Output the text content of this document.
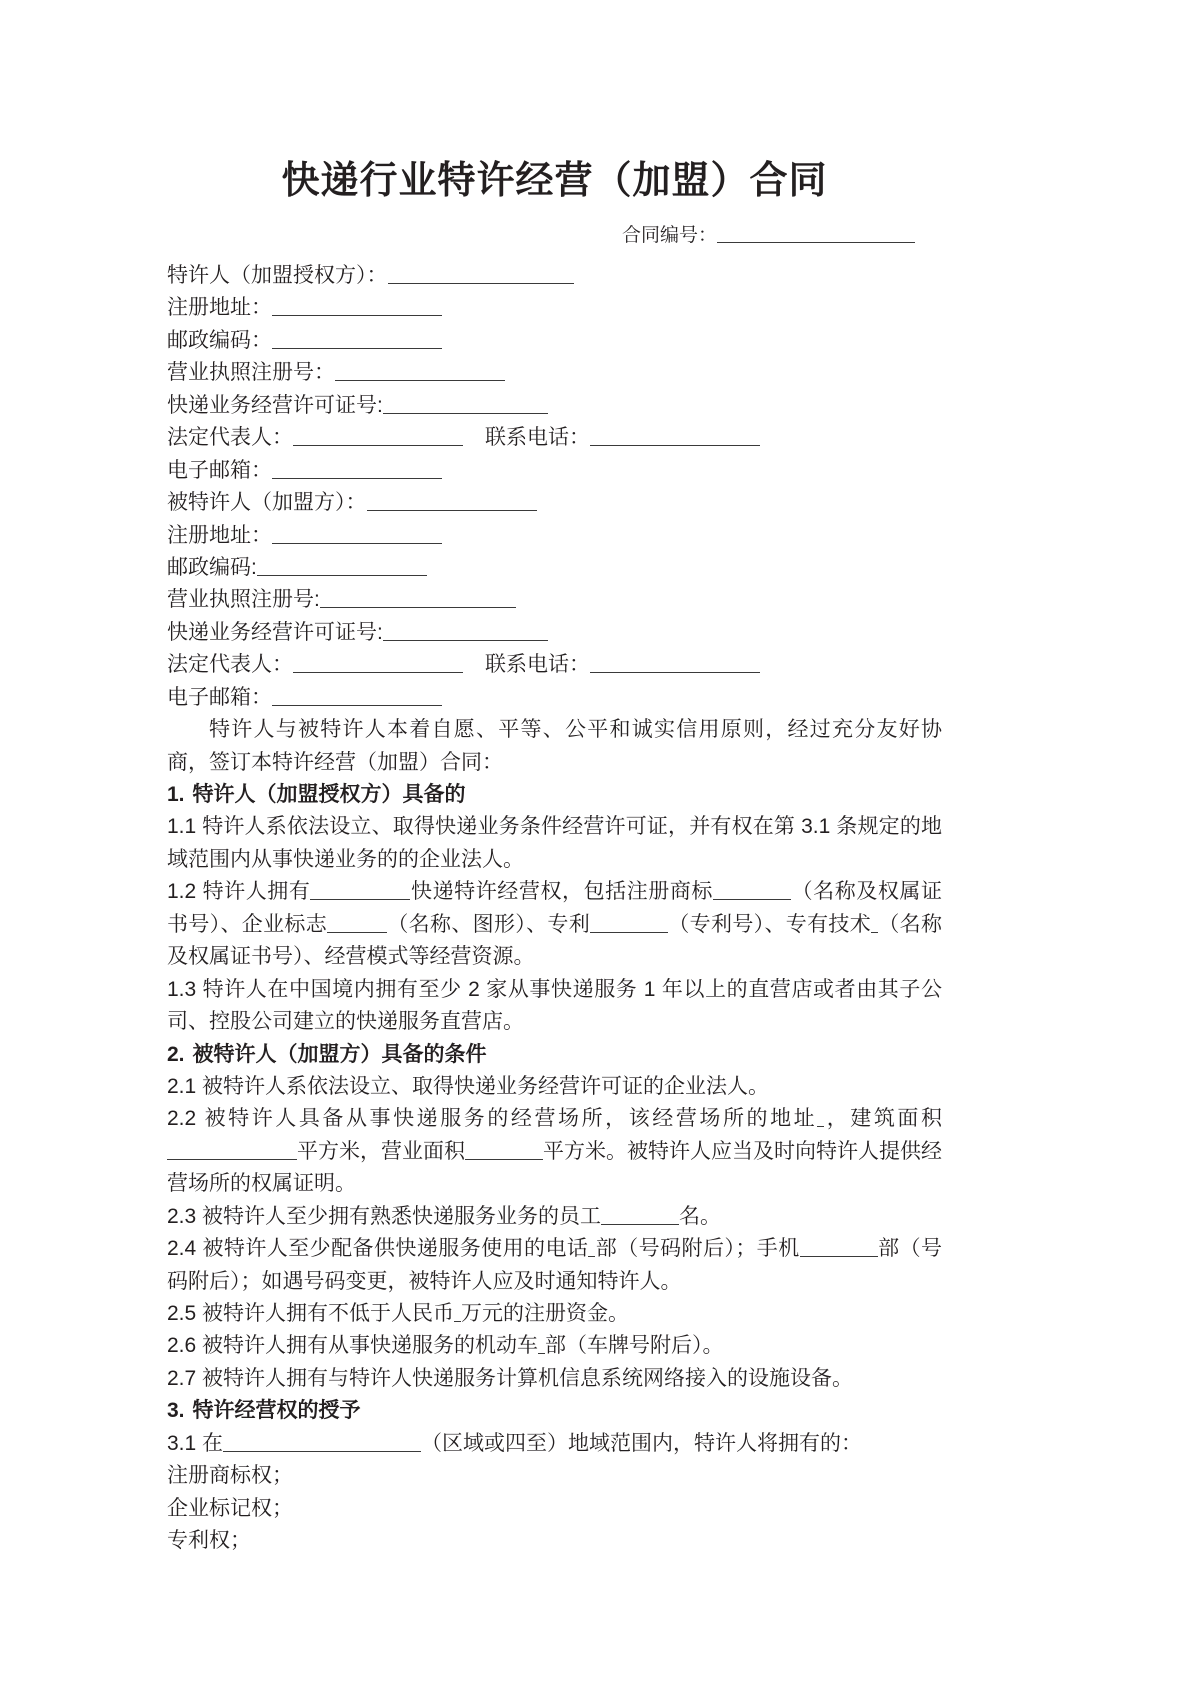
快递行业特许经营（加盟）合同

合同编号：

特许人（加盟授权方）：

注册地址：

邮政编码：

营业执照注册号：

快递业务经营许可证号:

法定代表人：	联系电话：

电子邮箱：

被特许人（加盟方）：

注册地址：

邮政编码:

营业执照注册号:

快递业务经营许可证号:

法定代表人：	联系电话：

电子邮箱：

特许人与被特许人本着自愿、平等、公平和诚实信用原则，经过充分友好协商，签订本特许经营（加盟）合同：

1. 特许人（加盟授权方）具备的

1.1 特许人系依法设立、取得快递业务条件经营许可证，并有权在第 3.1 条规定的地域范围内从事快递业务的的企业法人。

1.2 特许人拥有	快递特许经营权，包括注册商标	（名称及权属证书号）、企业标志	（名称、图形）、专利	（专利号）、专有技术 （名称及权属证书号）、经营模式等经营资源。

1.3 特许人在中国境内拥有至少 2 家从事快递服务 1 年以上的直营店或者由其子公司、控股公司建立的快递服务直营店。

2. 被特许人（加盟方）具备的条件

2.1 被特许人系依法设立、取得快递业务经营许可证的企业法人。

2.2 被特许人具备从事快递服务的经营场所，该经营场所的地址 ，建筑面积平方米，营业面积	平方米。被特许人应当及时向特许人提供经营场所的权属证明。

2.3 被特许人至少拥有熟悉快递服务业务的员工	名。

2.4 被特许人至少配备供快递服务使用的电话 部（号码附后）；手机	部（号码附后）；如遇号码变更，被特许人应及时通知特许人。

2.5 被特许人拥有不低于人民币 万元的注册资金。

2.6 被特许人拥有从事快递服务的机动车 部（车牌号附后）。

2.7 被特许人拥有与特许人快递服务计算机信息系统网络接入的设施设备。

3. 特许经营权的授予

3.1 在	（区域或四至）地域范围内，特许人将拥有的：

注册商标权；

企业标记权；

专利权；
